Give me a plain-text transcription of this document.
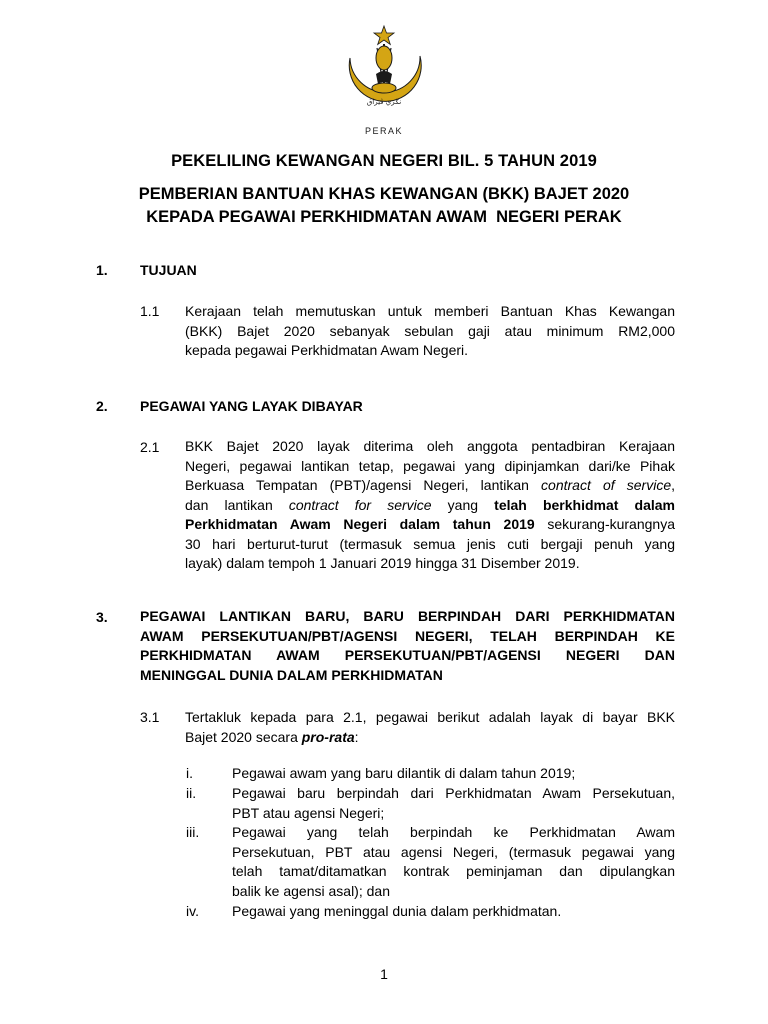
نݢري ڤيراق
PERAK
PEKELILING KEWANGAN NEGERI BIL. 5 TAHUN 2019
PEMBERIAN BANTUAN KHAS KEWANGAN (BKK) BAJET 2020
KEPADA PEGAWAI PERKHIDMATAN AWAM  NEGERI PERAK
1. TUJUAN
1.1 Kerajaan telah memutuskan untuk memberi Bantuan Khas Kewangan
(BKK) Bajet 2020 sebanyak sebulan gaji atau minimum RM2,000
kepada pegawai Perkhidmatan Awam Negeri.
2. PEGAWAI YANG LAYAK DIBAYAR
2.1 BKK Bajet 2020 layak diterima oleh anggota pentadbiran Kerajaan
Negeri, pegawai lantikan tetap, pegawai yang dipinjamkan dari/ke Pihak
Berkuasa Tempatan (PBT)/agensi Negeri, lantikan contract of service,
dan lantikan contract for service yang telah berkhidmat dalam
Perkhidmatan Awam Negeri dalam tahun 2019 sekurang-kurangnya
30 hari berturut-turut (termasuk semua jenis cuti bergaji penuh yang
layak) dalam tempoh 1 Januari 2019 hingga 31 Disember 2019.
3. PEGAWAI LANTIKAN BARU, BARU BERPINDAH DARI PERKHIDMATAN
AWAM PERSEKUTUAN/PBT/AGENSI NEGERI, TELAH BERPINDAH KE
PERKHIDMATAN AWAM PERSEKUTUAN/PBT/AGENSI NEGERI DAN
MENINGGAL DUNIA DALAM PERKHIDMATAN
3.1 Tertakluk kepada para 2.1, pegawai berikut adalah layak di bayar BKK
Bajet 2020 secara pro-rata:
i.	Pegawai awam yang baru dilantik di dalam tahun 2019;
ii.	Pegawai baru berpindah dari Perkhidmatan Awam Persekutuan,
PBT atau agensi Negeri;
iii. Pegawai yang telah berpindah ke Perkhidmatan Awam
Persekutuan, PBT atau agensi Negeri, (termasuk pegawai yang
telah tamat/ditamatkan kontrak peminjaman dan dipulangkan
balik ke agensi asal); dan
iv. Pegawai yang meninggal dunia dalam perkhidmatan.
1
